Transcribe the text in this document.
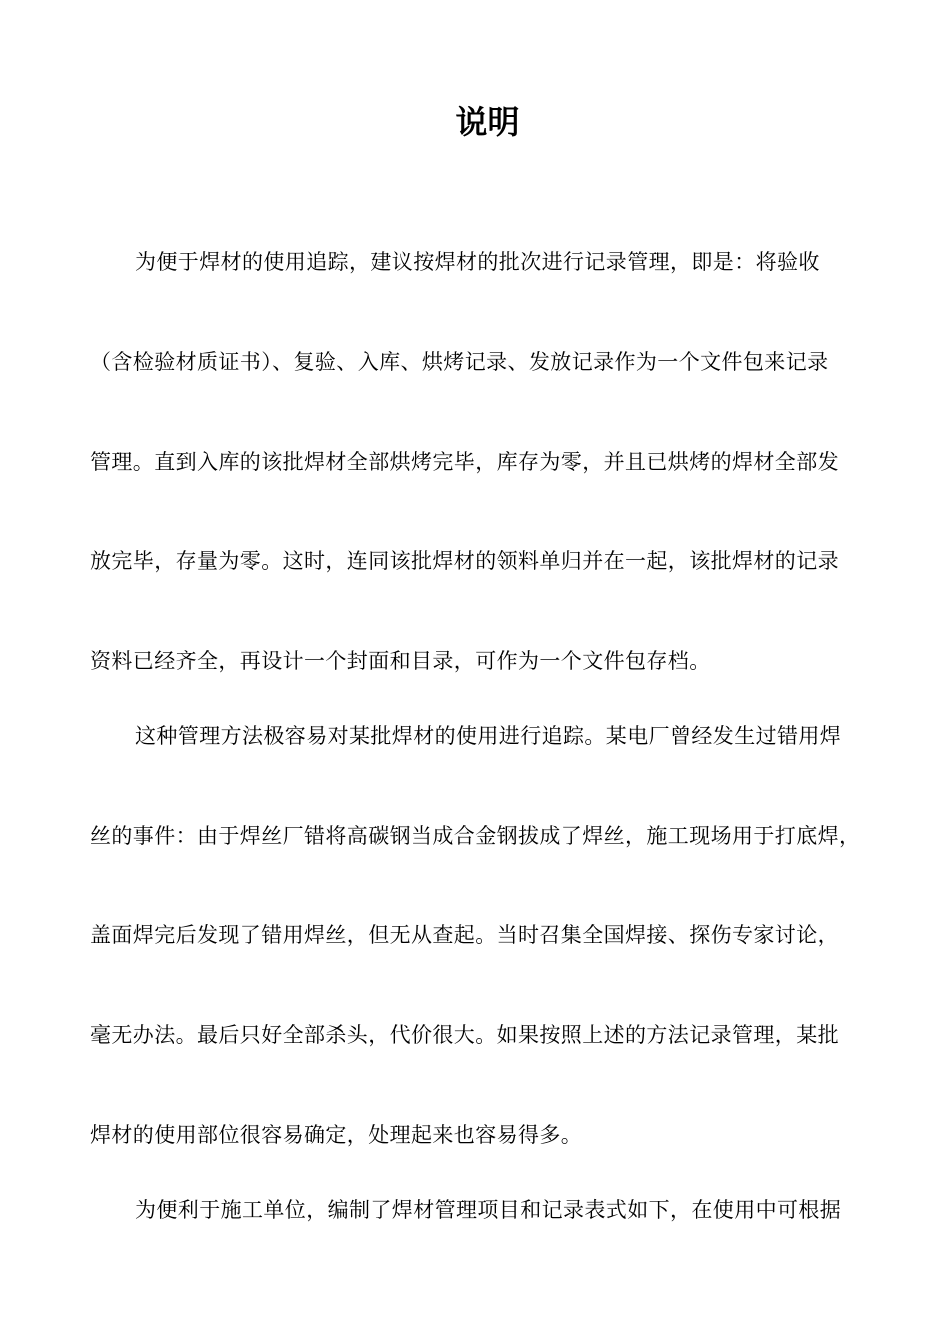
说明
为便于焊材的使用追踪，建议按焊材的批次进行记录管理，即是：将验收
（含检验材质证书）、复验、入库、烘烤记录、发放记录作为一个文件包来记录
管理。直到入库的该批焊材全部烘烤完毕，库存为零，并且已烘烤的焊材全部发
放完毕，存量为零。这时，连同该批焊材的领料单归并在一起，该批焊材的记录
资料已经齐全，再设计一个封面和目录，可作为一个文件包存档。
这种管理方法极容易对某批焊材的使用进行追踪。某电厂曾经发生过错用焊
丝的事件：由于焊丝厂错将高碳钢当成合金钢拔成了焊丝，施工现场用于打底焊，
盖面焊完后发现了错用焊丝，但无从查起。当时召集全国焊接、探伤专家讨论，
毫无办法。最后只好全部杀头，代价很大。如果按照上述的方法记录管理，某批
焊材的使用部位很容易确定，处理起来也容易得多。
为便利于施工单位，编制了焊材管理项目和记录表式如下，在使用中可根据
